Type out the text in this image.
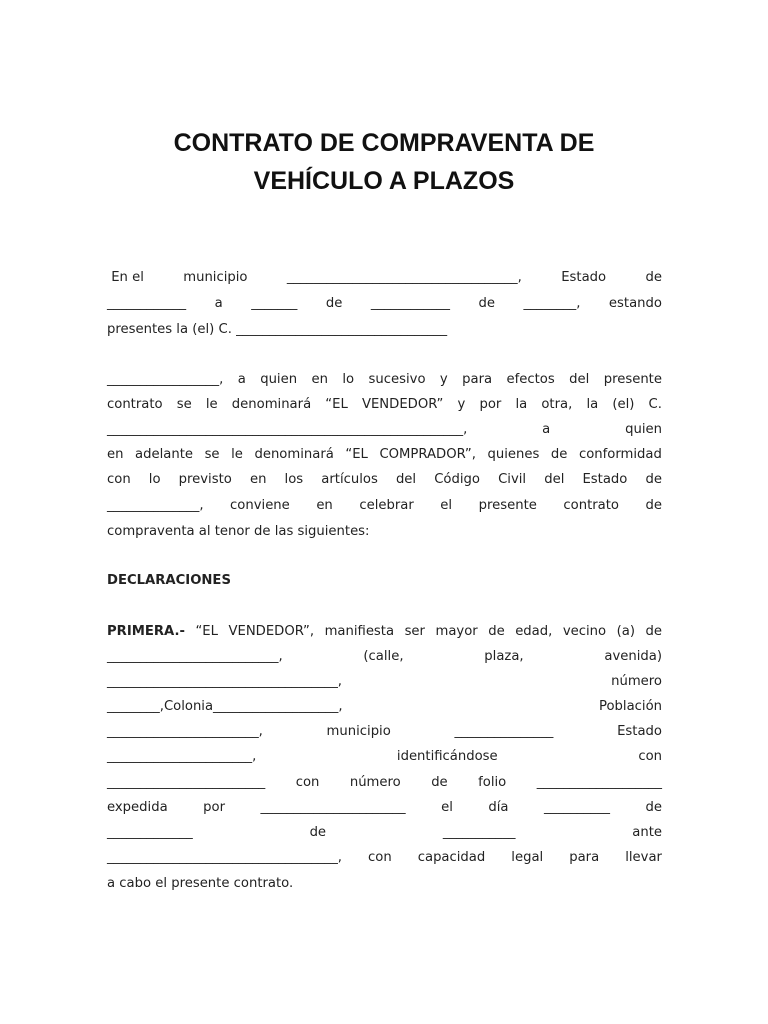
CONTRATO DE COMPRAVENTA DE
VEHÍCULO A PLAZOS
En el	municipio	___________________________________,	Estado	de
____________ a _______ de ____________ de ________, estando
presentes la (el) C. ________________________________
_________________, a quien en lo sucesivo y para efectos del presente
contrato se le denominará “EL VENDEDOR” y por la otra, la (el) C.
______________________________________________________,	a	quien
en adelante se le denominará “EL COMPRADOR”, quienes de conformidad
con lo previsto en los artículos del Código Civil del Estado de
______________, conviene en celebrar el presente contrato de
compraventa al tenor de las siguientes:
DECLARACIONES
PRIMERA.- “EL VENDEDOR”, manifiesta ser mayor de edad, vecino (a) de
__________________________,	(calle,	plaza,	avenida)
___________________________________,	número
________,Colonia___________________,	Población
_______________________,	municipio	_______________	Estado
______________________,	identificándose	con
________________________ con número de folio ___________________
expedida	por	______________________	el	día	__________	de
_____________	de	___________	ante
___________________________________, con capacidad legal para llevar
a cabo el presente contrato.
